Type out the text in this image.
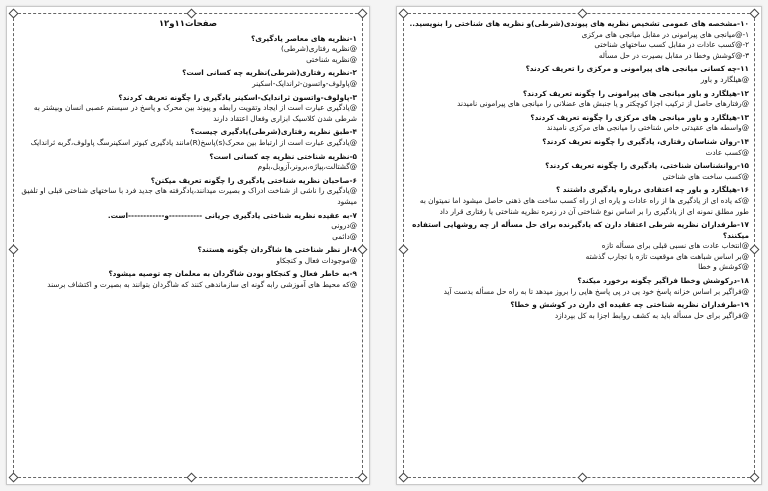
صفحات۱۱و۱۲
۱-نظریه های معاصر یادگیری؟
@نظریه رفتاری(شرطی)
@نظریه شناختی
۲-نظریه رفتاری(شرطی)نظریه چه کسانی است؟
@پاولوف-واتسون-ثراندایک-اسکینر
۳-پاولوف-واتسون ثراندایک-اسکینر یادگیری را چگونه تعریف کردند؟
@یادگیری عبارت است از ایجاد وتقویت رابطه و پیوند بین محرک و پاسخ در سیستم عصبی انسان وبیشتر به شرطی شدن کلاسیک ابزاری وفعال اعتقاد دارند
۴-طبق نظریه رفتاری(شرطی)یادگیری چیست؟
@یادگیری عبارت است از ارتباط بین محرک(s)پاسخ(R)مانند یادگیری کبوتر اسکینرسگ پاولوف،گربه ثراندایک
۵-نظریه شناختی نظریه چه کسانی است؟
@گشتالت،پیاژه،برونر،آزوبل،بلوم
۶-صاحبان نظریه شناختی یادگیری را چگونه تعریف میکنن؟
@یادگیری را ناشی از شناخت ادراک و بصیرت میدانند،یادگرفته های جدید فرد با ساختهای شناختی قبلی او تلفیق میشود
۷-به عقیده نظریه شناختی یادگیری جریانی -----------و------------است.
@درونی
@دائمی
۸-از نظر شناختی ها شاگردان چگونه هستند؟
@موجودات فعال و کنجکاو
۹-به خاطر فعال و کنجکاو بودن شاگردان به معلمان چه توصیه میشود؟
@که محیط های آموزشی رابه گونه ای سازماندهی کنند که شاگردان بتوانند به بصیرت و اکتشاف برسند
۱۰-مشخصه های عمومی تشخیص نظریه های پیوندی(شرطی)و نظریه های شناختی را بنویسید..
۱-@میانجی های پیرامونی در مقابل میانجی های مرکزی
۲-@کسب عادات در مقابل کسب ساختهای شناختی
۳-@کوشش وخطا در مقابل بصیرت در حل مسأله
۱۱-چه کسانی میانجی های پیرامونی و مرکزی را تعریف کردند؟
@هیلگارد و باور
۱۲-هیلگارد و باور میانجی های پیرامونی را چگونه تعریف کردند؟
@رفتارهای حاصل از ترکیب اجزا کوچکتر و یا جنبش های عضلانی را میانجی های پیرامونی نامیدند
۱۳-هیلگارد و باور میانجی های مرکزی را چگونه تعریف کردند؟
@واسطه های عقیدتی خاص شناختی را میانجی های مرکزی نامیدند
۱۴-روان شناسان رفتاری، یادگیری را چگونه تعریف کردند؟
@کسب عادت
۱۵-روانشناسان شناختی، یادگیری را چگونه تعریف کردند؟
@کسب ساخت های شناختی
۱۶-هیلگارد و باور چه اعتقادی درباره یادگیری داشتند ؟
@که یاده ای از یادگیری ها از راه عادات و یاره ای از راه کسب ساخت های ذهنی حاصل میشود اما نمیتوان به طور مطلق نمونه ای از یادگیری را بر اساس نوع شناختی آن در زمره نظریه شناختی یا رفتاری قرار داد
۱۷-طرفداران نظریه شرطی اعتقاد دارن که یادگیرنده برای حل مسأله از چه روشهایی استفاده میکنند؟
@انتخاب عادت های نسبی قبلی برای مسأله تازه
@بر اساس شباهت های موقعیت تازه با تجارب گذشته
@کوشش و خطا
۱۸-درکوشش وخطا فراگیر چگونه برخورد میکند؟
@فراگیر بر اساس خزانه پاسخ خود یی در پی پاسخ هایی را بروز میدهد تا به راه حل مسأله بدست آید
۱۹-طرفداران نظریه شناختی چه عقیده ای دارن در کوشش و خطا؟
@فراگیر برای حل مسأله باید به کشف روابط اجزا به کل بپردازد
